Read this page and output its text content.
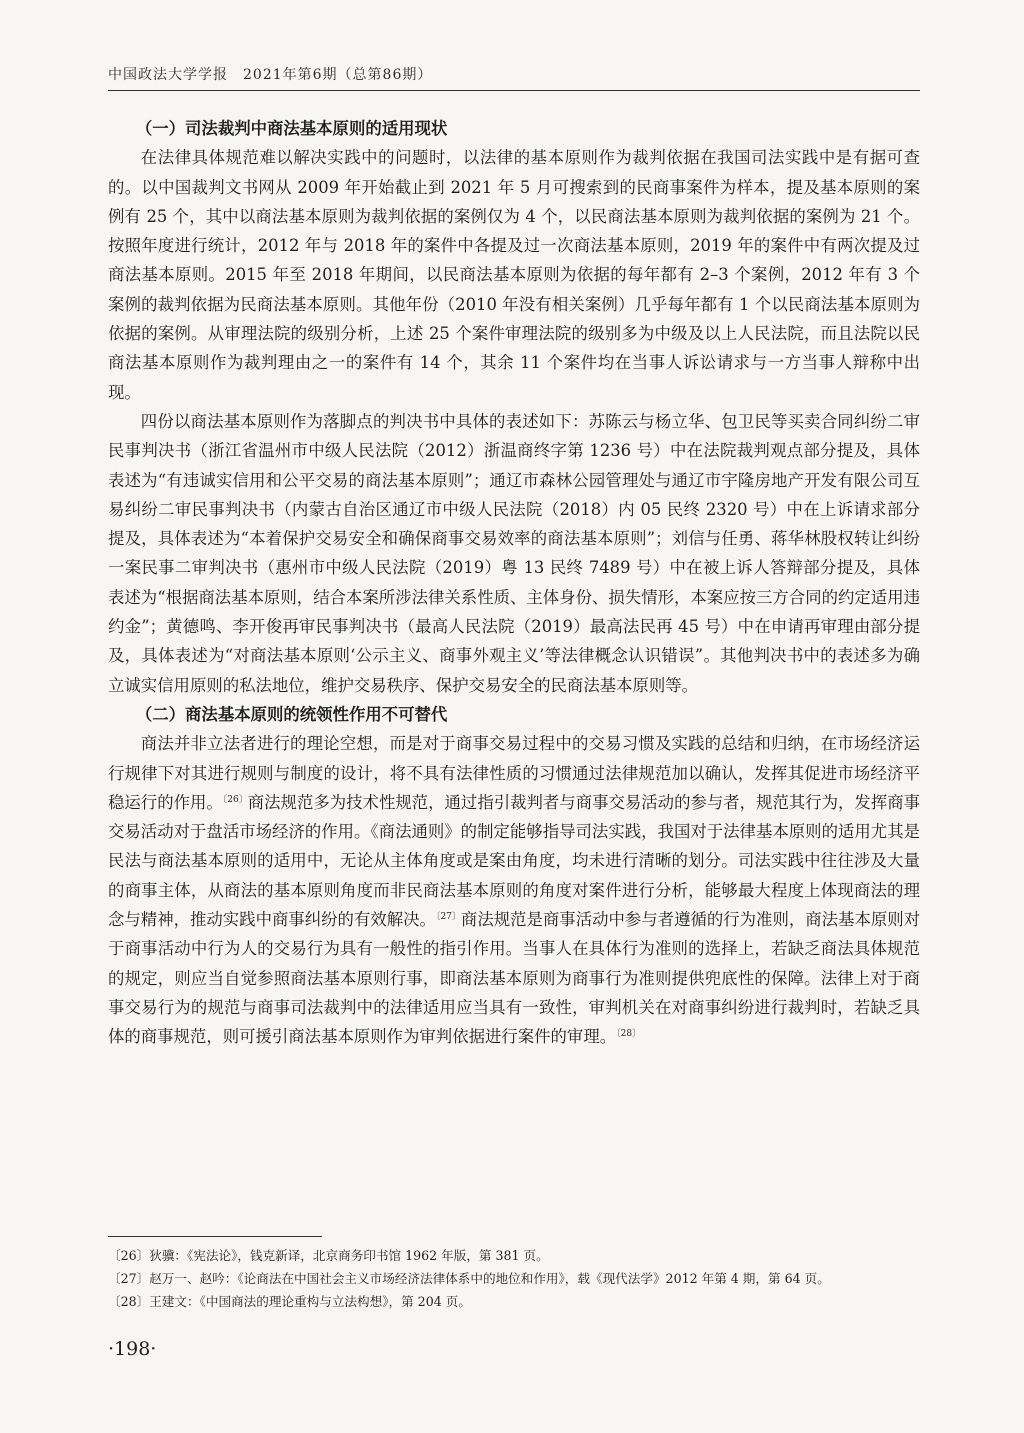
中国政法大学学报　2021年第6期（总第86期）
（一）司法裁判中商法基本原则的适用现状

在法律具体规范难以解决实践中的问题时，以法律的基本原则作为裁判依据在我国司法实践中是有据可查的。以中国裁判文书网从 2009 年开始截止到 2021 年 5 月可搜索到的民商事案件为样本，提及基本原则的案例有 25 个，其中以商法基本原则为裁判依据的案例仅为 4 个，以民商法基本原则为裁判依据的案例为 21 个。按照年度进行统计，2012 年与 2018 年的案件中各提及过一次商法基本原则，2019 年的案件中有两次提及过商法基本原则。2015 年至 2018 年期间，以民商法基本原则为依据的每年都有 2–3 个案例，2012 年有 3 个案例的裁判依据为民商法基本原则。其他年份（2010 年没有相关案例）几乎每年都有 1 个以民商法基本原则为依据的案例。从审理法院的级别分析，上述 25 个案件审理法院的级别多为中级及以上人民法院，而且法院以民商法基本原则作为裁判理由之一的案件有 14 个，其余 11 个案件均在当事人诉讼请求与一方当事人辩称中出现。

四份以商法基本原则作为落脚点的判决书中具体的表述如下：苏陈云与杨立华、包卫民等买卖合同纠纷二审民事判决书（浙江省温州市中级人民法院（2012）浙温商终字第 1236 号）中在法院裁判观点部分提及，具体表述为“有违诚实信用和公平交易的商法基本原则”；通辽市森林公园管理处与通辽市宇隆房地产开发有限公司互易纠纷二审民事判决书（内蒙古自治区通辽市中级人民法院（2018）内 05 民终 2320 号）中在上诉请求部分提及，具体表述为“本着保护交易安全和确保商事交易效率的商法基本原则”；刘信与任勇、蒋华林股权转让纠纷一案民事二审判决书（惠州市中级人民法院（2019）粤 13 民终 7489 号）中在被上诉人答辩部分提及，具体表述为“根据商法基本原则，结合本案所涉法律关系性质、主体身份、损失情形，本案应按三方合同的约定适用违约金”；黄德鸣、李开俊再审民事判决书（最高人民法院（2019）最高法民再 45 号）中在申请再审理由部分提及，具体表述为“对商法基本原则‘公示主义、商事外观主义’等法律概念认识错误”。其他判决书中的表述多为确立诚实信用原则的私法地位，维护交易秩序、保护交易安全的民商法基本原则等。

（二）商法基本原则的统领性作用不可替代

商法并非立法者进行的理论空想，而是对于商事交易过程中的交易习惯及实践的总结和归纳，在市场经济运行规律下对其进行规则与制度的设计，将不具有法律性质的习惯通过法律规范加以确认，发挥其促进市场经济平稳运行的作用。$^{〔26〕}$商法规范多为技术性规范，通过指引裁判者与商事交易活动的参与者，规范其行为，发挥商事交易活动对于盘活市场经济的作用。《商法通则》的制定能够指导司法实践，我国对于法律基本原则的适用尤其是民法与商法基本原则的适用中，无论从主体角度或是案由角度，均未进行清晰的划分。司法实践中往往涉及大量的商事主体，从商法的基本原则角度而非民商法基本原则的角度对案件进行分析，能够最大程度上体现商法的理念与精神，推动实践中商事纠纷的有效解决。$^{〔27〕}$商法规范是商事活动中参与者遵循的行为准则，商法基本原则对于商事活动中行为人的交易行为具有一般性的指引作用。当事人在具体行为准则的选择上，若缺乏商法具体规范的规定，则应当自觉参照商法基本原则行事，即商法基本原则为商事行为准则提供兜底性的保障。法律上对于商事交易行为的规范与商事司法裁判中的法律适用应当具有一致性，审判机关在对商事纠纷进行裁判时，若缺乏具体的商事规范，则可援引商法基本原则作为审判依据进行案件的审理。$^{〔28〕}$

〔26〕狄骥：《宪法论》，钱克新译，北京商务印书馆 1962 年版，第 381 页。
〔27〕赵万一、赵吟：《论商法在中国社会主义市场经济法律体系中的地位和作用》，载《现代法学》2012 年第 4 期，第 64 页。
〔28〕王建文：《中国商法的理论重构与立法构想》，第 204 页。
·198·
